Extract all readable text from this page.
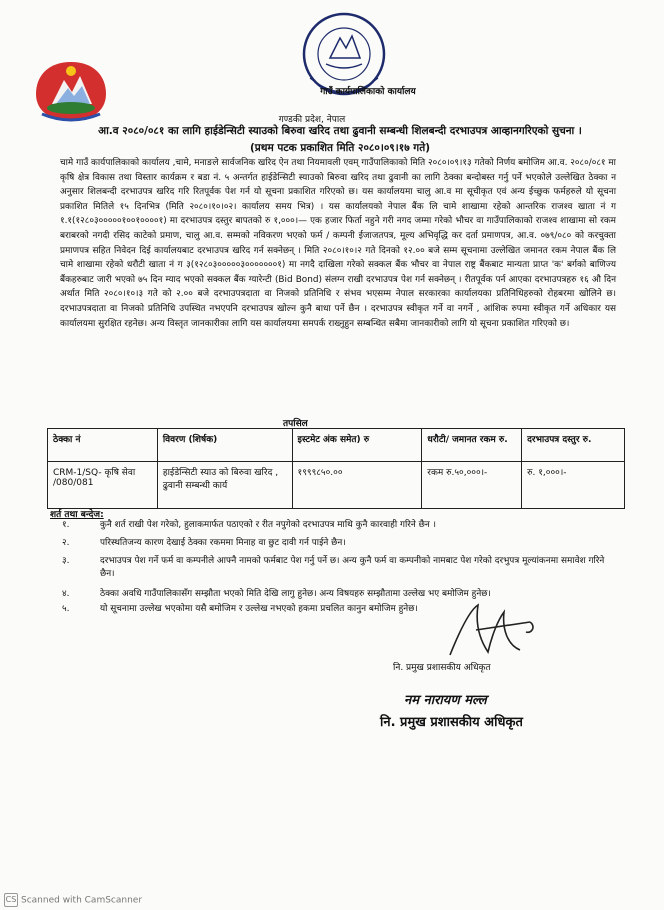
गाउँ कार्यपालिकाको कार्यालय
गण्डकी प्रदेश, नेपाल
आ.व २०८०/०८१ का लागि हाईडेन्सिटी स्याउको बिरुवा खरिद तथा ढुवानी सम्बन्धी शिलबन्दी दरभाउपत्र आव्हानगरिएको सुचना ।
(प्रथम पटक प्रकाशित मिति २०८०।०९।१७ गते)

चामे गाउँ कार्यपालिकाको कार्यालय ,चामे, मनाङले सार्वजनिक खरिद ऐन तथा नियमावली एवम् गाउँपालिकाको मिति २०८०।०९।१३ गतेको निर्णय बमोजिम आ.व. २०८०/०८१ मा कृषि क्षेत्र विकास तथा विस्तार कार्यक्रम र बडा नं. ५ अन्तर्गत हाईडेन्सिटी स्याउको बिरुवा खरिद तथा ढुवानी का लागि ठेक्का बन्दोबस्त गर्नु पर्ने भएकोले उल्लेखित ठेक्का न अनुसार शिलबन्दी दरभाउपत्र खरिद गरि रितपूर्वक पेश गर्न यो सूचना प्रकाशित गरिएको छ। यस कार्यालयमा चालु आ.व मा सूचीकृत एवं अन्य ईच्छुक फर्महरुले यो सूचना प्रकाशित मितिले १५ दिनभित्र (मिति २०८०।१०।०२। कार्यालय समय भित्र) । यस कार्यालयको नेपाल बैंक लि चामे शाखामा रहेको आन्तरिक राजश्व खाता नं ग १.१(१२८०३०००००१००१००००१) मा दरभाउपत्र दस्तुर बापतको रु १,०००।— एक हजार फिर्ता नहुने गरी नगद जम्मा गरेको भौचर वा गाउँपालिकाको राजश्व शाखामा सो रकम बराबरको नगदी रसिद काटेको प्रमाण, चालु आ.व. सम्मको नविकरण भएको फर्म / कम्पनी ईजाजतपत्र, मूल्य अभिवृद्धि कर दर्ता प्रमाणपत्र, आ.व. ०७९/०८० को करचुक्ता प्रमाणपत्र सहित निवेदन दिई कार्यालयबाट दरभाउपत्र खरिद गर्न सक्नेछन् । मिति २०८०।१०।२ गते दिनको १२.०० बजे सम्म सूचनामा उल्लेखित जमानत रकम नेपाल बैंक लि चामे शाखामा रहेको धरौटी खाता नं ग ३(१२८०३०००००३०००००००१) मा नगदै दाखिला गरेको सक्कल बैंक भौचर वा नेपाल राष्ट्र बैंकबाट मान्यता प्राप्त 'क' बर्गको बाणिज्य बैंकहरुबाट जारी भएको ७५ दिन म्याद भएको सक्कल बैंक ग्यारेन्टी (Bid Bond) संलग्न राखी दरभाउपत्र पेश गर्न सक्नेछन् । रीतपूर्वक पर्न आएका दरभाउपत्रहरु १६ औ दिन अर्थात मिति २०८०।१०।३ गते को २.०० बजे दरभाउपत्रदाता वा निजको प्रतिनिधि र संभव भएसम्म नेपाल सरकारका कार्यालयका प्रतिनिधिहरुको रोहबरमा खोलिने छ। दरभाउपत्रदाता वा निजको प्रतिनिधि उपस्थित नभएपनि दरभाउपत्र खोल्न कुनै बाधा पर्ने छैन । दरभाउपत्र स्वीकृत गर्ने वा नगर्ने , आंशिक रुपमा स्वीकृत गर्ने अधिकार यस कार्यालयमा सुरक्षित रहनेछ। अन्य विस्तृत जानकारीका लागि यस कार्यालयमा समपर्क राख्नुहुन सम्बन्धित सबैमा जानकारीको लागि यो सूचना प्रकाशित गरिएको छ।

तपसिल
ठेक्का नं	विवरण (शिर्षक)	इस्टमेट अंक समेत) रु	धरौटी/ जमानत रकम रु.	दरभाउपत्र दस्तुर रु.
CRM-1/SQ- कृषि सेवा /080/081	हाईडेन्सिटी स्याउ को बिरुवा खरिद , ढुवानी सम्बन्धी कार्य	१९९९८५०.००	रकम रु.५०,०००।-	रु. १,०००।-
शर्त तथा बन्देज:
१.	कुनै शर्त राखी पेश गरेको, हुलाकमार्फत पठाएको र रीत नपुगेको दरभाउपत्र माथि कुनै कारवाही गरिने छैन ।
२.	परिस्थतिजन्य कारण देखाई ठेक्का रकममा मिनाह वा छुट दावी गर्न पाईने छैन।
३.	दरभाउपत्र पेश गर्ने फर्म वा कम्पनीले आफ्नै नामको फर्मबाट पेश गर्नु पर्ने छ। अन्य कुनै फर्म वा कम्पनीको नामबाट पेश गरेको दरभुपत्र मूल्यांकनमा समावेश गरिने छैन।
४.	ठेक्का अवधि गाउँपालिकासँग सम्झौता भएको मिति देखि लागु हुनेछ। अन्य विषयहरु सम्झौतामा उल्लेख भए बमोजिम हुनेछ।
५.	यो सूचनामा उल्लेख भएकोमा यसै बमोजिम र उल्लेख नभएको हकमा प्रचलित कानुन बमोजिम हुनेछ।
नि. प्रमुख प्रशासकीय अधिकृत
नम नारायण मल्ल
नि. प्रमुख प्रशासकीय अधिकृत
CS Scanned with CamScanner
